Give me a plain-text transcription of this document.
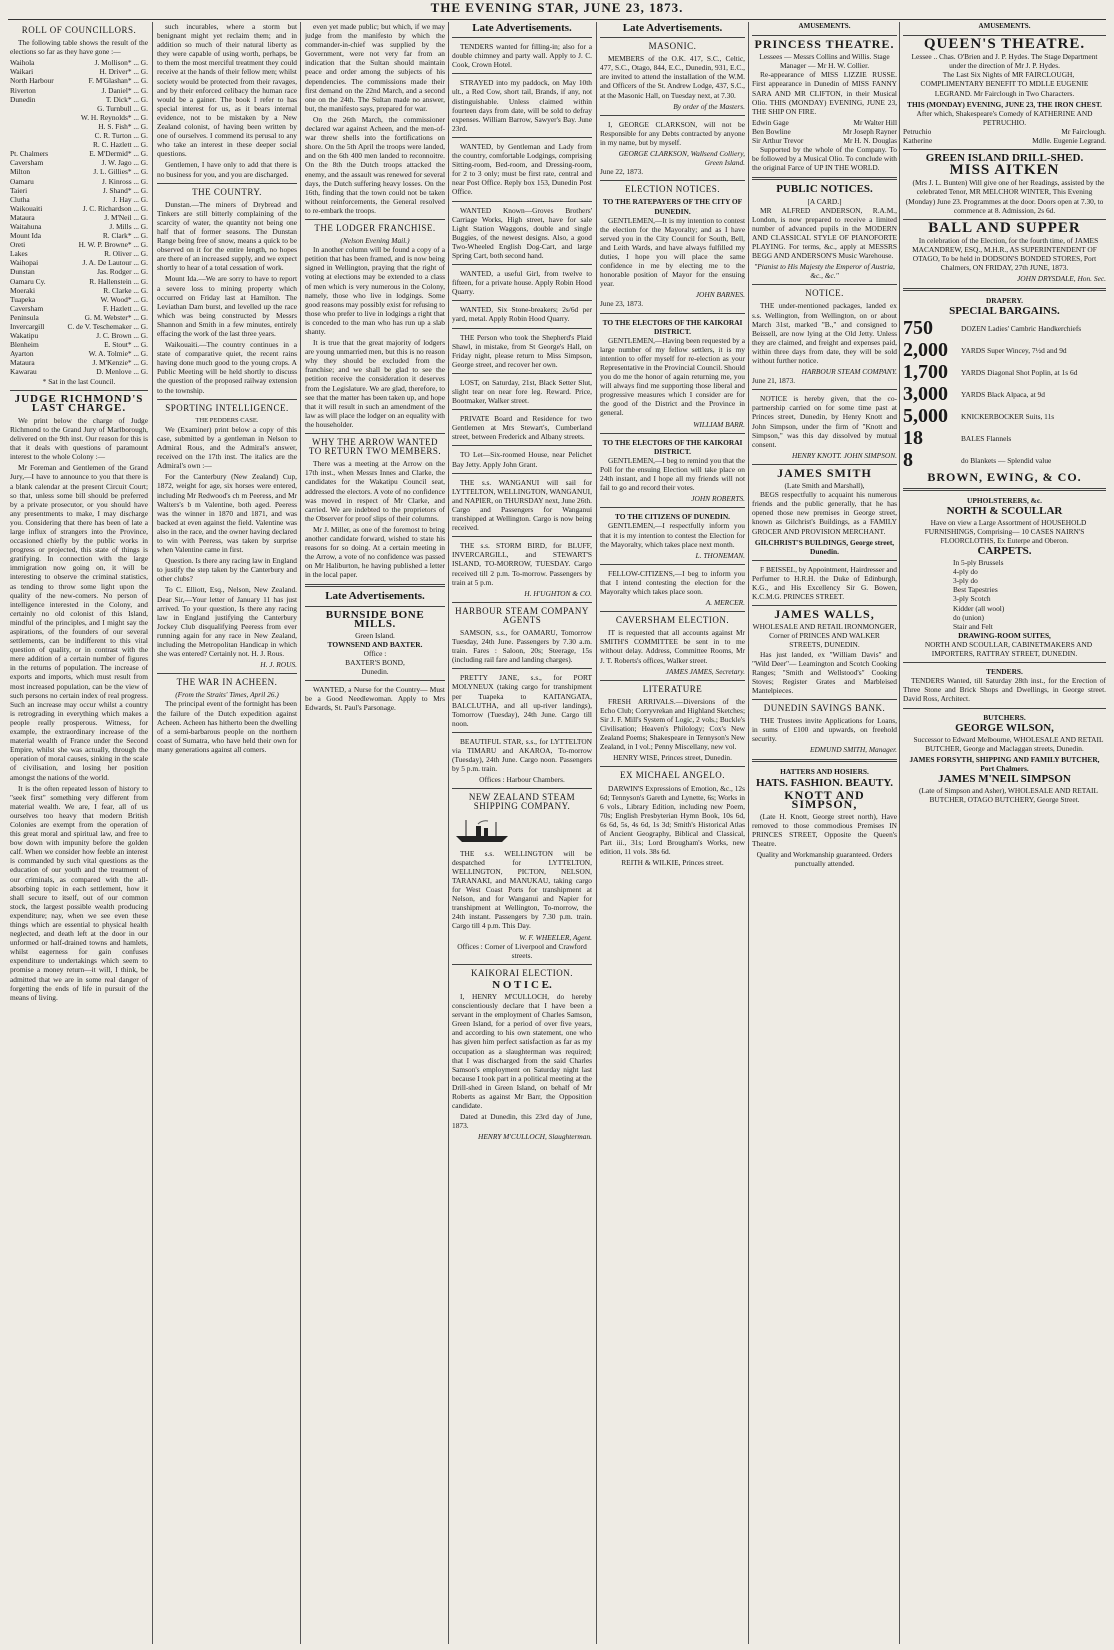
THE EVENING STAR, JUNE 23, 1873.
ROLL OF COUNCILLORS.

The following table shows the result of the elections so far as they have gone :—

Waihola	J. Mollison* ... G.
Waikari	H. Driver* ... G.
North Harbour	F. M'Glashan* ... G.
Riverton	J. Daniel* ... G.
Dunedin	T. Dick* ... G.
G. Turnbull ... G.
W. H. Reynolds* ... G.
H. S. Fish* ... G.
C. R. Turton ... G.
R. C. Hazlett ... G.
Pt. Chalmers	E. M'Dermid* ... G.
Caversham	J. W. Jago ... G.
Milton	J. L. Gillies* ... G.
Oamaru	J. Kinross ... G.
Taieri	J. Shand* ... G.
Clutha	J. Hay ... G.
Waikouaiti	J. C. Richardson ... G.
Mataura	J. M'Neil ... G.
Waitahuna	J. Mills ... G.
Mount Ida	R. Clark* ... G.
Oreti	H. W. P. Browne* ... G.
Lakes	R. Oliver ... G.
Waihopai	J. A. De Lautour ... G.
Dunstan	Jas. Rodger ... G.
Oamaru Cy.	R. Hallenstein ... G.
Moeraki	R. Clarke ... G.
Tuapeka	W. Wood* ... G.
Caversham	F. Hazlett ... G.
Peninsula	G. M. Webster* ... G.
Invercargill	C. de V. Teschemaker ... G.
Wakatipu	J. C. Brown ... G.
Blenheim	E. Stout* ... G.
Ayarton	W. A. Tolmie* ... G.
Mataura	J. M'Kenzie* ... G.
Kawarau	D. Menlove ... G.
* Sat in the last Council.
JUDGE RICHMOND'S LAST CHARGE.

We print below the charge of Judge Richmond to the Grand Jury of Marlborough, delivered on the 9th inst. Our reason for this is that it deals with questions of paramount interest to the whole Colony :—

Mr Foreman and Gentlemen of the Grand Jury,—I have to announce to you that there is a blank calendar at the present Circuit Court; so that, unless some bill should be preferred by a private prosecutor, or you should have any presentments to make, I may discharge you. Considering that there has been of late a large influx of strangers into the Province, occasioned chiefly by the public works in progress or projected, this state of things is gratifying. In connection with the large immigration now going on, it will be interesting to observe the criminal statistics, as tending to throw some light upon the quality of the new-comers. No person of intelligence interested in the Colony, and certainly no old colonist of this Island, mindful of the principles, and I might say the aspirations, of the founders of our several settlements, can be indifferent to this vital question of quality, or in contrast with the mere addition of a certain number of figures in the returns of population. The increase of exports and imports, which must result from most increased population, can be the view of such persons no certain index of real progress. Such an increase may occur whilst a country is retrograding in everything which makes a people really prosperous. Witness, for example, the extraordinary increase of the material wealth of France under the Second Empire, whilst she was actually, through the operation of moral causes, sinking in the scale of civilisation, and losing her position amongst the nations of the world.

It is the often repeated lesson of history to "seek first" something very different from material wealth. We are, I fear, all of us ourselves too heavy that modern British Colonies are exempt from the operation of this great moral and spiritual law, and free to bow down with impunity before the golden calf. When we consider how feeble an interest is commanded by such vital questions as the education of our youth and the treatment of our criminals, as compared with the all-absorbing topic in each settlement, how it shall secure to itself, out of our common stock, the largest possible wealth producing expenditure; nay, when we see even these things which are essential to physical health neglected, and death left at the door in our unformed or half-drained towns and hamlets, whilst eagerness for gain confuses expenditure to undertakings which seem to promise a money return—it will, I think, be admitted that we are in some real danger of forgetting the ends of life in pursuit of the means of living.

such incurables, where a storm but benignant might yet reclaim them; and in addition so much of their natural liberty as they were capable of using worth, perhaps, be to them the most merciful treatment they could receive at the hands of their fellow men; whilst society would be protected from their ravages, and by their enforced celibacy the human race would be a gainer. The book I refer to has special interest for us, as it bears internal evidence, not to be mistaken by a New Zealand colonist, of having been written by one of ourselves. I commend its perusal to any who take an interest in these deeper social questions.

Gentlemen, I have only to add that there is no business for you, and you are discharged.

THE COUNTRY.

Dunstan.—The miners of Drybread and Tinkers are still bitterly complaining of the scarcity of water, the quantity not being one half that of former seasons. The Dunstan Range being free of snow, means a quick to be observed on it for the entire length, no hopes are there of an increased supply, and we expect shortly to hear of a total cessation of work.

Mount Ida.—We are sorry to have to report a severe loss to mining property which occurred on Friday last at Hamilton. The Leviathan Dam burst, and levelled up the race which was being constructed by Messrs Shannon and Smith in a few minutes, entirely effacing the work of the last three years.

Waikouaiti.—The country continues in a state of comparative quiet, the recent rains having done much good to the young crops. A Public Meeting will be held shortly to discuss the question of the proposed railway extension to the township.

SPORTING INTELLIGENCE.
THE PEDDERS CASE.

We (Examiner) print below a copy of this case, submitted by a gentleman in Nelson to Admiral Rous, and the Admiral's answer, received on the 17th inst. The italics are the Admiral's own :—

For the Canterbury (New Zealand) Cup, 1872, weight for age, six horses were entered, including Mr Redwood's ch m Peeress, and Mr Walters's b m Valentine, both aged. Peeress was the winner in 1870 and 1871, and was backed at even against the field. Valentine was also in the race, and the owner having declared to win with Peeress, was taken by surprise when Valentine came in first.

Question. Is there any racing law in England to justify the step taken by the Canterbury and other clubs?

To C. Elliott, Esq., Nelson, New Zealand. Dear Sir,—Your letter of January 11 has just arrived. To your question, Is there any racing law in England justifying the Canterbury Jockey Club disqualifying Peeress from ever running again for any race in New Zealand, including the Metropolitan Handicap in which she was entered? Certainly not. H. J. Rous.

H. J. ROUS.
THE WAR IN ACHEEN.
(From the Straits' Times, April 26.)

The principal event of the fortnight has been the failure of the Dutch expedition against Acheen. Acheen has hitherto been the dwelling of a semi-barbarous people on the northern coast of Sumatra, who have held their own for many generations against all comers.

even yet made public; but which, if we may judge from the manifesto by which the commander-in-chief was supplied by the Government, were not very far from an indication that the Sultan should maintain peace and order among the subjects of his dependencies. The commissions made their first demand on the 22nd March, and a second one on the 24th. The Sultan made no answer, but, the manifesto says, prepared for war.

On the 26th March, the commissioner declared war against Acheen, and the men-of-war threw shells into the fortifications on shore. On the 5th April the troops were landed, and on the 6th 400 men landed to reconnoitre. On the 8th the Dutch troops attacked the enemy, and the assault was renewed for several days, the Dutch suffering heavy losses. On the 16th, finding that the town could not be taken without reinforcements, the General resolved to re-embark the troops.

THE LODGER FRANCHISE.
(Nelson Evening Mail.)

In another column will be found a copy of a petition that has been framed, and is now being signed in Wellington, praying that the right of voting at elections may be extended to a class of men which is very numerous in the Colony, namely, those who live in lodgings. Some good reasons may possibly exist for refusing to those who prefer to live in lodgings a right that is conceded to the man who has run up a slab shanty.

It is true that the great majority of lodgers are young unmarried men, but this is no reason why they should be excluded from the franchise; and we shall be glad to see the petition receive the consideration it deserves from the Legislature. We are glad, therefore, to see that the matter has been taken up, and hope that it will result in such an amendment of the law as will place the lodger on an equality with the householder.

WHY THE ARROW WANTED TO RETURN TWO MEMBERS.

There was a meeting at the Arrow on the 17th inst., when Messrs Innes and Clarke, the candidates for the Wakatipu Council seat, addressed the electors. A vote of no confidence was moved in respect of Mr Clarke, and carried. We are indebted to the proprietors of the Observer for proof slips of their columns.

Mr J. Miller, as one of the foremost to bring another candidate forward, wished to state his reasons for so doing. At a certain meeting in the Arrow, a vote of no confidence was passed on Mr Haliburton, he having published a letter in the local paper.

Late Advertisements.
BURNSIDE BONE MILLS.
Green Island.
TOWNSEND AND BAXTER.
Office :
BAXTER'S BOND,
Dunedin.

WANTED, a Nurse for the Country— Must be a Good Needlewoman. Apply to Mrs Edwards, St. Paul's Parsonage.

Late Advertisements.

TENDERS wanted for filling-in; also for a double chimney and party wall. Apply to J. C. Cook, Crown Hotel.

STRAYED into my paddock, on May 10th ult., a Red Cow, short tail, Brands, if any, not distinguishable. Unless claimed within fourteen days from date, will be sold to defray expenses. William Barrow, Sawyer's Bay. June 23rd.

WANTED, by Gentleman and Lady from the country, comfortable Lodgings, comprising Sitting-room, Bed-room, and Dressing-room, for 2 to 3 only; must be first rate, central and near Post Office. Reply box 153, Dunedin Post Office.

WANTED Known—Groves Brothers' Carriage Works, High street, have for sale Light Station Waggons, double and single Buggies, of the newest designs. Also, a good Two-Wheeled English Dog-Cart, and large Spring Cart, both second hand.

WANTED, a useful Girl, from twelve to fifteen, for a private house. Apply Robin Hood Quarry.

WANTED, Six Stone-breakers; 2s/6d per yard, metal. Apply Robin Hood Quarry.

THE Person who took the Shepherd's Plaid Shawl, in mistake, from St George's Hall, on Friday night, please return to Miss Simpson, George street, and recover her own.

LOST, on Saturday, 21st, Black Setter Slut, slight tear on near fore leg. Reward. Price, Bootmaker, Walker street.

PRIVATE Board and Residence for two Gentlemen at Mrs Stewart's, Cumberland street, between Frederick and Albany streets.

TO Let—Six-roomed House, near Pelichet Bay Jetty. Apply John Grant.

THE s.s. WANGANUI will sail for LYTTELTON, WELLINGTON, WANGANUI, and NAPIER, on THURSDAY next, June 26th. Cargo and Passengers for Wanganui transhipped at Wellington. Cargo is now being received.

THE s.s. STORM BIRD, for BLUFF, INVERCARGILL, and STEWART'S ISLAND, TO-MORROW, TUESDAY. Cargo received till 2 p.m. To-morrow. Passengers by train at 5 p.m.

H. H'UGHTON & CO.
HARBOUR STEAM COMPANY AGENTS

SAMSON, s.s., for OAMARU, Tomorrow Tuesday, 24th June. Passengers by 7.30 a.m. train. Fares : Saloon, 20s; Steerage, 15s (including rail fare and landing charges).

PRETTY JANE, s.s., for PORT MOLYNEUX (taking cargo for transhipment per Tuapeka to KAITANGATA, BALCLUTHA, and all up-river landings), Tomorrow (Tuesday), 24th June. Cargo till noon.

BEAUTIFUL STAR, s.s., for LYTTELTON via TIMARU and AKAROA, To-morrow (Tuesday), 24th June. Cargo noon. Passengers by 5 p.m. train.

Offices : Harbour Chambers.
NEW ZEALAND STEAM SHIPPING COMPANY.

THE s.s. WELLINGTON will be despatched for LYTTELTON, WELLINGTON, PICTON, NELSON, TARANAKI, and MANUKAU, taking cargo for West Coast Ports for transhipment at Nelson, and for Wanganui and Napier for transhipment at Wellington, To-morrow, the 24th instant. Passengers by 7.30 p.m. train. Cargo till 4 p.m. This Day.

W. F. WHEELER, Agent.
Offices : Corner of Liverpool and Crawford streets.
KAIKORAI ELECTION.
N O T I C E.

I, HENRY M'CULLOCH, do hereby conscientiously declare that I have been a servant in the employment of Charles Samson, Green Island, for a period of over five years, and according to his own statement, one who has given him perfect satisfaction as far as my occupation as a slaughterman was required; that I was discharged from the said Charles Samson's employment on Saturday night last because I took part in a political meeting at the Drill-shed in Green Island, on behalf of Mr Roberts as against Mr Barr, the Opposition candidate.

Dated at Dunedin, this 23rd day of June, 1873.

HENRY M'CULLOCH, Slaughterman.
Late Advertisements.
MASONIC.

MEMBERS of the O.K. 417, S.C., Celtic, 477, S.C., Otago, 844, E.C., Dunedin, 931, E.C., are invited to attend the installation of the W.M. and Officers of the St. Andrew Lodge, 437, S.C., at the Masonic Hall, on Tuesday next, at 7.30.

By order of the Masters.

I, GEORGE CLARKSON, will not be Responsible for any Debts contracted by anyone in my name, but by myself.

GEORGE CLARKSON, Wallsend Colliery, Green Island.
June 22, 1873.
ELECTION NOTICES.
TO THE RATEPAYERS OF THE CITY OF DUNEDIN.

GENTLEMEN,—It is my intention to contest the election for the Mayoralty; and as I have served you in the City Council for South, Bell, and Leith Wards, and have always fulfilled my duties, I hope you will place the same confidence in me by electing me to the honorable position of Mayor for the ensuing year.

JOHN BARNES.
June 23, 1873.
TO THE ELECTORS OF THE KAIKORAI DISTRICT.

GENTLEMEN,—Having been requested by a large number of my fellow settlers, it is my intention to offer myself for re-election as your Representative in the Provincial Council. Should you do me the honor of again returning me, you will always find me supporting those liberal and progressive measures which I consider are for the good of the District and the Province in general.

WILLIAM BARR.
TO THE ELECTORS OF THE KAIKORAI DISTRICT.

GENTLEMEN,—I beg to remind you that the Poll for the ensuing Election will take place on 24th instant, and I hope all my friends will not fail to go and record their votes.

JOHN ROBERTS.
TO THE CITIZENS OF DUNEDIN.

GENTLEMEN,—I respectfully inform you that it is my intention to contest the Election for the Mayoralty, which takes place next month.

L. THONEMAN.

FELLOW-CITIZENS,—I beg to inform you that I intend contesting the election for the Mayoralty which takes place soon.

A. MERCER.
CAVERSHAM ELECTION.

IT is requested that all accounts against Mr SMITH'S COMMITTEE be sent in to me without delay. Address, Committee Rooms, Mr J. T. Roberts's offices, Walker street.

JAMES JAMES, Secretary.
LITERATURE

FRESH ARRIVALS.—Diversions of the Echo Club; Corryvrekan and Highland Sketches; Sir J. F. Mill's System of Logic, 2 vols.; Buckle's Civilisation; Heaven's Philology; Cox's New Zealand Poems; Shakespeare in Tennyson's New Zealand, in I vol.; Penny Miscellany, new vol.

HENRY WISE, Princes street, Dunedin.
EX MICHAEL ANGELO.

DARWIN'S Expressions of Emotion, &c., 12s 6d; Tennyson's Gareth and Lynette, 6s; Works in 6 vols., Library Edition, including new Poem, 70s; English Presbyterian Hymn Book, 10s 6d, 6s 6d, 5s, 4s 6d, 1s 3d; Smith's Historical Atlas of Ancient Geography, Biblical and Classical, Part iii., 31s; Lord Brougham's Works, new edition, 11 vols. 38s 6d.

REITH & WILKIE, Princes street.
AMUSEMENTS.
PRINCESS THEATRE.
Lessees — Messrs Collins and Willis. Stage Manager — Mr H. W. Collier.

Re-appearance of MISS LIZZIE RUSSE. First appearance in Dunedin of MISS FANNY SARA AND MR CLIFTON, in their Musical Olio. THIS (MONDAY) EVENING, JUNE 23, THE SHIP ON FIRE.

Edwin Gage	Mr Walter Hill
Ben Bowline	Mr Joseph Rayner
Sir Arthur Trevor	Mr H. N. Douglas

Supported by the whole of the Company. To be followed by a Musical Olio. To conclude with the original Farce of UP IN THE WORLD.

PUBLIC NOTICES.
[A CARD.]

MR ALFRED ANDERSON, R.A.M., London, is now prepared to receive a limited number of advanced pupils in the MODERN AND CLASSICAL STYLE OF PIANOFORTE PLAYING. For terms, &c., apply at MESSRS BEGG AND ANDERSON'S Music Warehouse.

"Pianist to His Majesty the Emperor of Austria, &c., &c."
NOTICE.

THE under-mentioned packages, landed ex s.s. Wellington, from Wellington, on or about March 31st, marked "B.," and consigned to Beissell, are now lying at the Old Jetty. Unless they are claimed, and freight and expenses paid, within three days from date, they will be sold without further notice.

HARBOUR STEAM COMPANY.
June 21, 1873.

NOTICE is hereby given, that the co-partnership carried on for some time past at Princes street, Dunedin, by Henry Knott and John Simpson, under the firm of "Knott and Simpson," was this day dissolved by mutual consent.

HENRY KNOTT. JOHN SIMPSON.
JAMES SMITH
(Late Smith and Marshall),

BEGS respectfully to acquaint his numerous friends and the public generally, that he has opened those new premises in George street, known as Gilchrist's Buildings, as a FAMILY GROCER AND PROVISION MERCHANT.

GILCHRIST'S BUILDINGS, George street, Dunedin.

F BEISSEL, by Appointment, Hairdresser and Perfumer to H.R.H. the Duke of Edinburgh, K.G., and His Excellency Sir G. Bowen, K.C.M.G. PRINCES STREET.

JAMES WALLS,
WHOLESALE AND RETAIL IRONMONGER,
Corner of PRINCES AND WALKER STREETS, DUNEDIN.

Has just landed, ex "William Davis" and "Wild Deer"— Leamington and Scotch Cooking Ranges; "Smith and Wellstood's" Cooking Stoves; Register Grates and Marbleised Mantelpieces.

DUNEDIN SAVINGS BANK.

THE Trustees invite Applications for Loans, in sums of £100 and upwards, on freehold security.

EDMUND SMITH, Manager.
HATTERS AND HOSIERS.
HATS. FASHION. BEAUTY.
KNOTT AND SIMPSON,

(Late H. Knott, George street north), Have removed to those commodious Premises IN PRINCES STREET, Opposite the Queen's Theatre.

Quality and Workmanship guaranteed. Orders punctually attended.
AMUSEMENTS.
QUEEN'S THEATRE.
Lessee .. Chas. O'Brien and J. P. Hydes. The Stage Department under the direction of Mr J. P. Hydes.

The Last Six Nights of MR FAIRCLOUGH, COMPLIMENTARY BENEFIT TO MDLLE EUGENIE LEGRAND. Mr Fairclough in Two Characters.

THIS (MONDAY) EVENING, JUNE 23, THE IRON CHEST.
After which, Shakespeare's Comedy of KATHERINE AND PETRUCHIO.
Petruchio	Mr Fairclough.
Katherine	Mdlle. Eugenie Legrand.
GREEN ISLAND DRILL-SHED.
MISS AITKEN

(Mrs J. L. Bunten) Will give one of her Readings, assisted by the celebrated Tenor, MR MELCHOR WINTER, This Evening (Monday) June 23. Programmes at the door. Doors open at 7.30, to commence at 8. Admission, 2s 6d.

BALL AND SUPPER

In celebration of the Election, for the fourth time, of JAMES MACANDREW, ESQ., M.H.R., AS SUPERINTENDENT OF OTAGO, To be held in DODSON'S BONDED STORES, Port Chalmers, ON FRIDAY, 27th JUNE, 1873.

JOHN DRYSDALE, Hon. Sec.
DRAPERY.
SPECIAL BARGAINS.
750	DOZEN Ladies' Cambric Handkerchiefs
2,000	YARDS Super Wincey, 7½d and 9d
1,700	YARDS Diagonal Shot Poplin, at 1s 6d
3,000	YARDS Black Alpaca, at 9d
5,000	KNICKERBOCKER Suits, 11s
18	BALES Flannels
8	do Blankets — Splendid value
BROWN, EWING, & CO.
UPHOLSTERERS, &c.
NORTH & SCOULLAR

Have on view a Large Assortment of HOUSEHOLD FURNISHINGS, Comprising— 10 CASES NAIRN'S FLOORCLOTHS, Ex Euterpe and Oberon.

CARPETS.
In 5-ply Brussels
4-ply do
3-ply do
Best Tapestries
3-ply Scotch
Kidder (all wool)
do (union)
Stair and Felt
DRAWING-ROOM SUITES,

NORTH AND SCOULLAR, CABINETMAKERS AND IMPORTERS, RATTRAY STREET, DUNEDIN.

TENDERS.

TENDERS Wanted, till Saturday 28th inst., for the Erection of Three Stone and Brick Shops and Dwellings, in George street. David Ross, Architect.

BUTCHERS.
GEORGE WILSON,

Successor to Edward Melbourne, WHOLESALE AND RETAIL BUTCHER, George and Maclaggan streets, Dunedin.

JAMES FORSYTH, SHIPPING AND FAMILY BUTCHER, Port Chalmers.
JAMES M'NEIL SIMPSON

(Late of Simpson and Asher), WHOLESALE AND RETAIL BUTCHER, OTAGO BUTCHERY, George Street.
